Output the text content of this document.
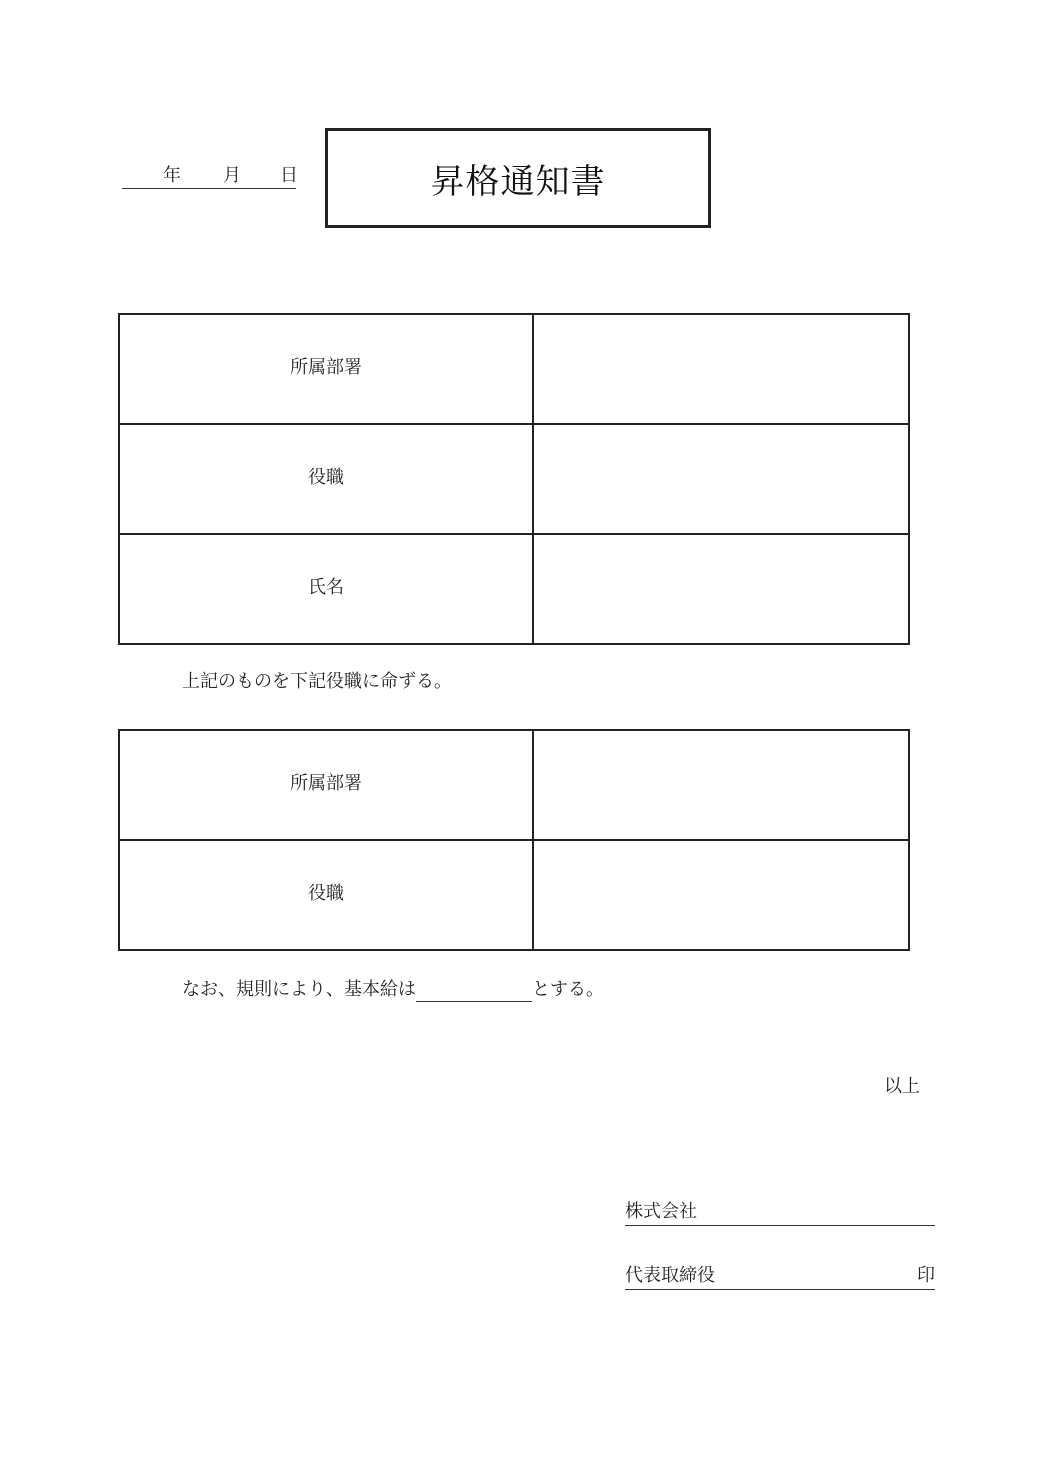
年 月 日	昇格通知書
所属部署	
役職	
氏名	
上記のものを下記役職に命ずる。
所属部署	
役職	
なお、規則により、基本給は	とする。
以上
株式会社
代表取締役	印
